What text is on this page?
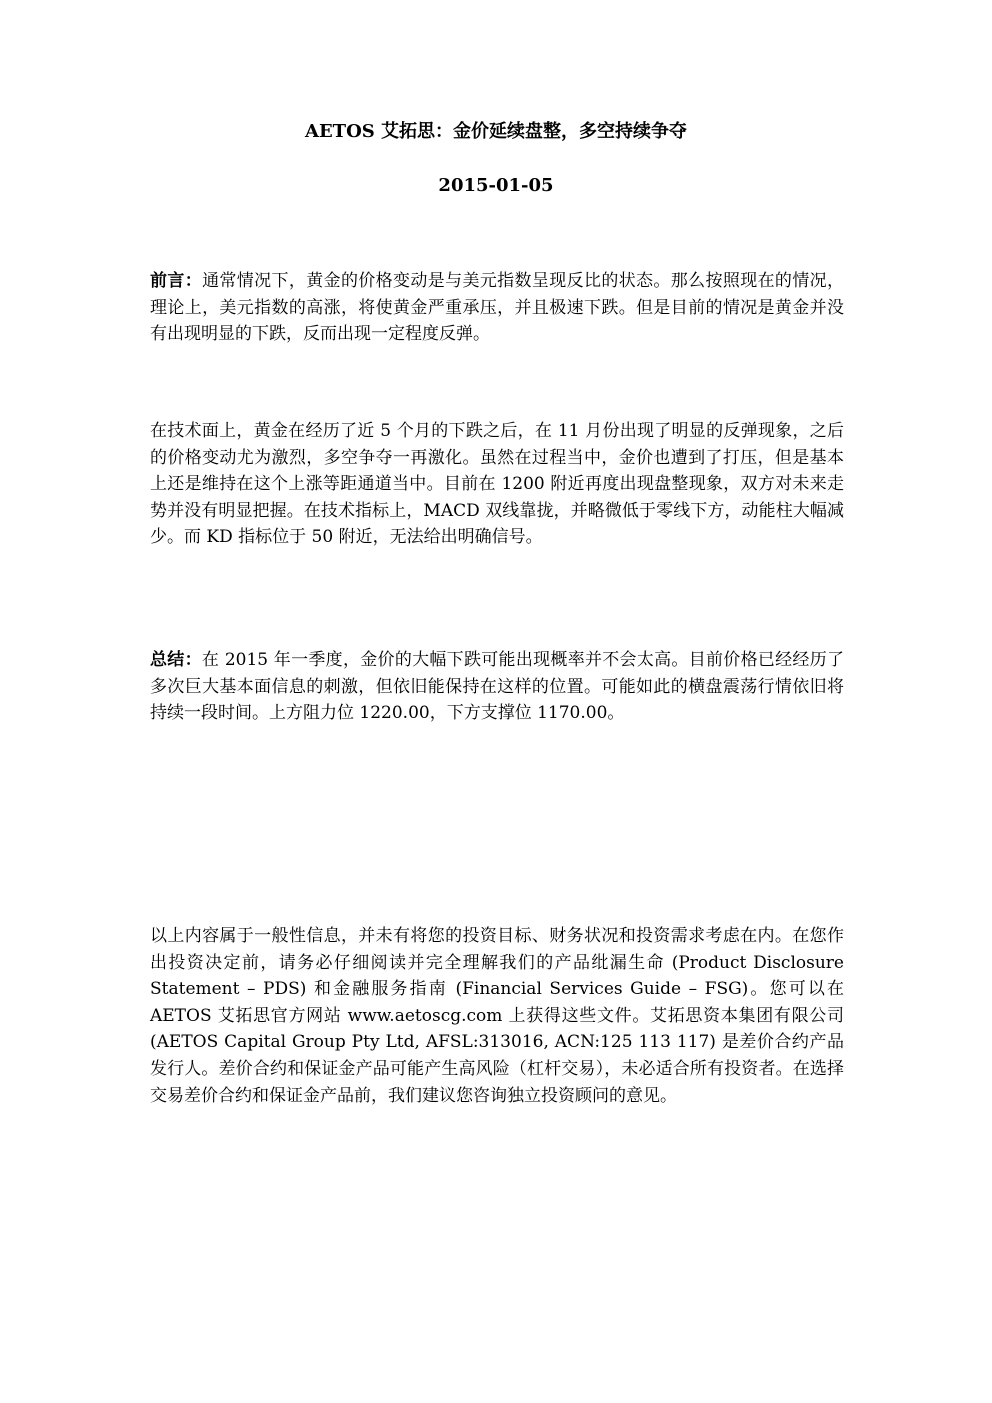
AETOS 艾拓思：金价延续盘整，多空持续争夺
2015-01-05

前言：通常情况下，黄金的价格变动是与美元指数呈现反比的状态。那么按照现在的情况，理论上，美元指数的高涨，将使黄金严重承压，并且极速下跌。但是目前的情况是黄金并没有出现明显的下跌，反而出现一定程度反弹。

在技术面上，黄金在经历了近 5 个月的下跌之后，在 11 月份出现了明显的反弹现象，之后的价格变动尤为激烈，多空争夺一再激化。虽然在过程当中，金价也遭到了打压，但是基本上还是维持在这个上涨等距通道当中。目前在 1200 附近再度出现盘整现象，双方对未来走势并没有明显把握。在技术指标上，MACD 双线靠拢，并略微低于零线下方，动能柱大幅减少。而 KD 指标位于 50 附近，无法给出明确信号。

总结：在 2015 年一季度，金价的大幅下跌可能出现概率并不会太高。目前价格已经经历了多次巨大基本面信息的刺激，但依旧能保持在这样的位置。可能如此的横盘震荡行情依旧将持续一段时间。上方阻力位 1220.00，下方支撑位 1170.00。

以上内容属于一般性信息，并未有将您的投资目标、财务状况和投资需求考虑在内。在您作出投资决定前，请务必仔细阅读并完全理解我们的产品纰漏生命 (Product Disclosure Statement – PDS) 和金融服务指南 (Financial Services Guide – FSG)。您可以在 AETOS 艾拓思官方网站 www.aetoscg.com 上获得这些文件。艾拓思资本集团有限公司(AETOS Capital Group Pty Ltd, AFSL:313016, ACN:125 113 117) 是差价合约产品发行人。差价合约和保证金产品可能产生高风险（杠杆交易），未必适合所有投资者。在选择交易差价合约和保证金产品前，我们建议您咨询独立投资顾问的意见。
